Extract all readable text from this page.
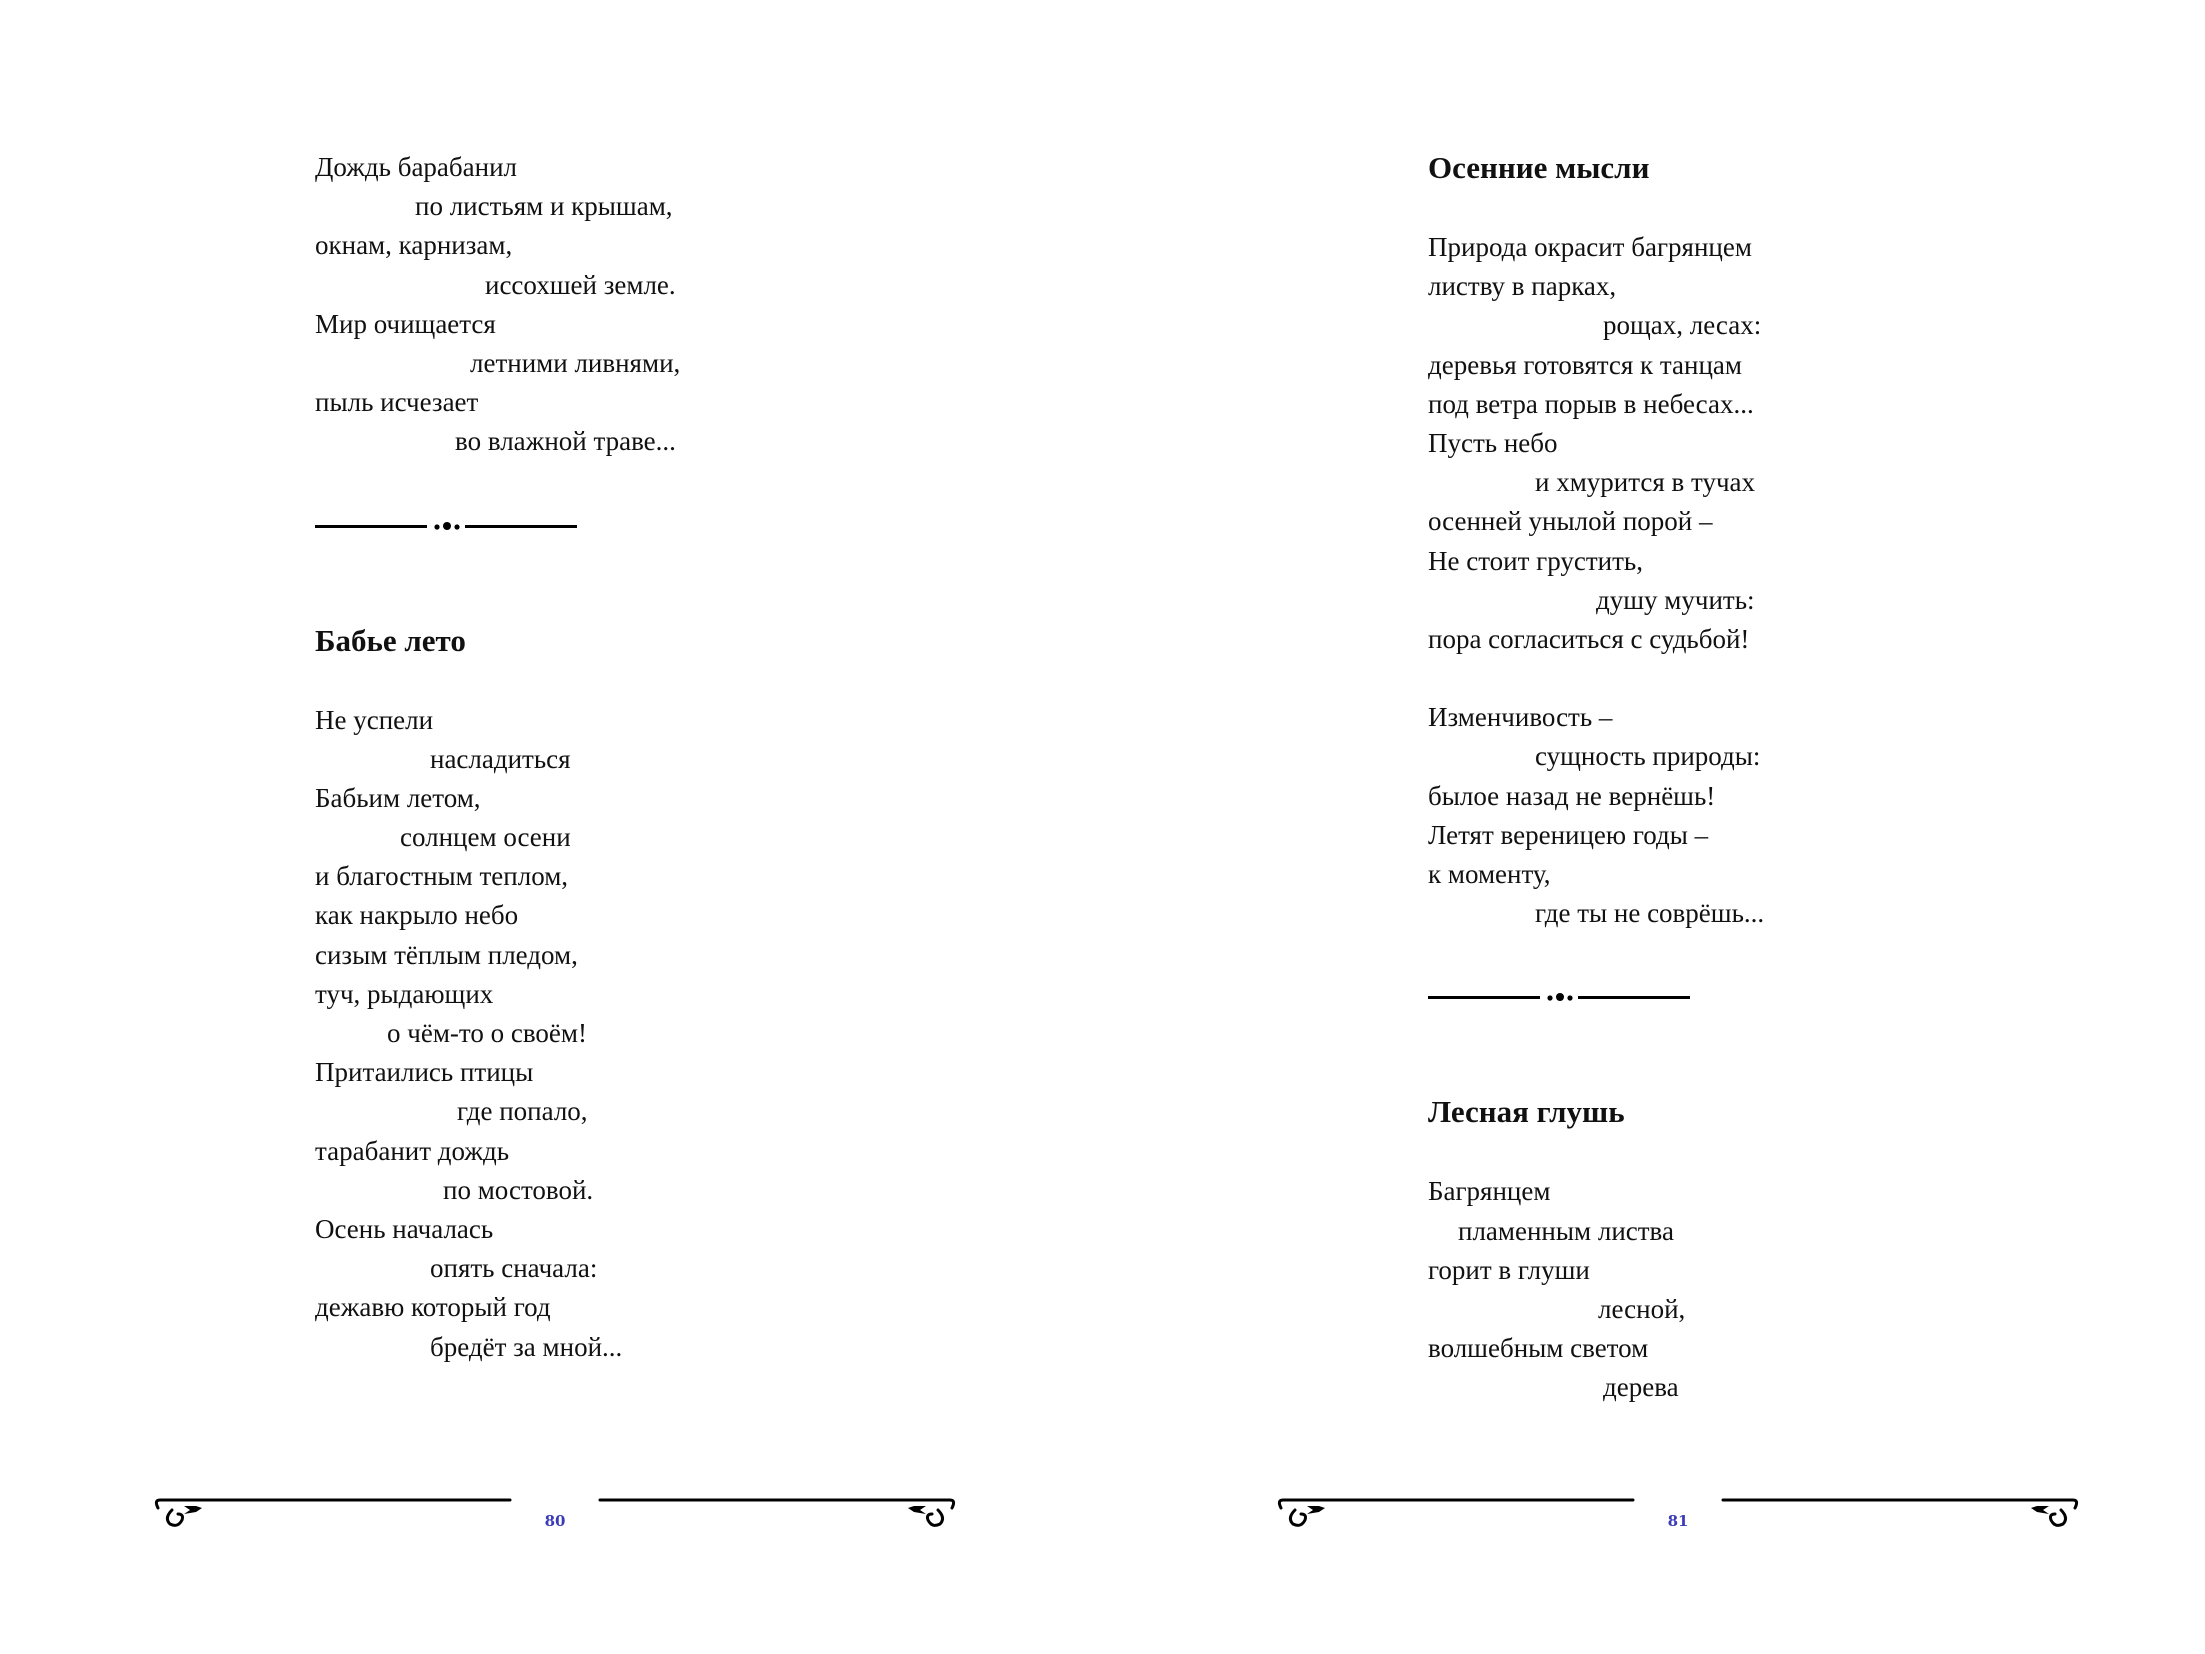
Дождь барабанил
по листьям и крышам,
окнам, карнизам,
иссохшей земле.
Мир очищается
летними ливнями,
пыль исчезает
во влажной траве...
Бабье лето
Не успели
насладиться
Бабьим летом,
солнцем осени
и благостным теплом,
как накрыло небо
сизым тёплым пледом,
туч, рыдающих
о чём-то о своём!
Притаились птицы
где попало,
тарабанит дождь
по мостовой.
Осень началась
опять сначала:
дежавю который год
бредёт за мной...
80
Осенние мысли
Природа окрасит багрянцем
листву в парках,
рощах, лесах:
деревья готовятся к танцам
под ветра порыв в небесах...
Пусть небо
и хмурится в тучах
осенней унылой порой –
Не стоит грустить,
душу мучить:
пора согласиться с судьбой!
Изменчивость –
сущность природы:
былое назад не вернёшь!
Летят вереницею годы –
к моменту,
где ты не соврёшь...
Лесная глушь
Багрянцем
пламенным листва
горит в глуши
лесной,
волшебным светом
дерева
81
